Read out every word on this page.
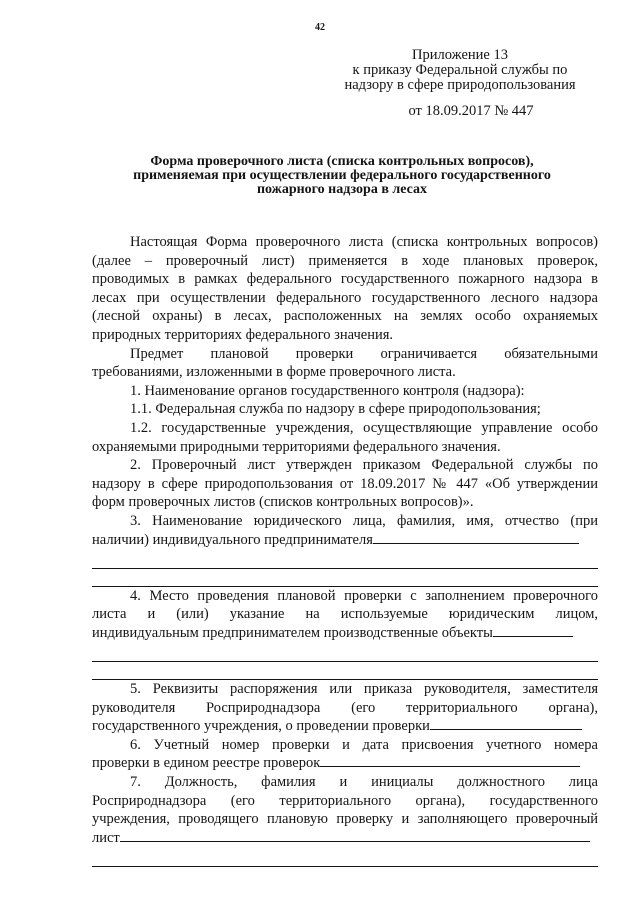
42
Приложение 13
к приказу Федеральной службы по
надзору в сфере природопользования
от 18.09.2017 № 447
Форма проверочного листа (списка контрольных вопросов),
применяемая при осуществлении федерального государственного
пожарного надзора в лесах

Настоящая Форма проверочного листа (списка контрольных вопросов)

(далее – проверочный лист) применяется в ходе плановых проверок,

проводимых в рамках федерального государственного пожарного надзора в

лесах при осуществлении федерального государственного лесного надзора

(лесной охраны) в лесах, расположенных на землях особо охраняемых

природных территориях федерального значения.

Предмет плановой проверки ограничивается обязательными

требованиями, изложенными в форме проверочного листа.

1. Наименование органов государственного контроля (надзора):

1.1. Федеральная служба по надзору в сфере природопользования;

1.2. государственные учреждения, осуществляющие управление особо

охраняемыми природными территориями федерального значения.

2. Проверочный лист утвержден приказом Федеральной службы по

надзору в сфере природопользования от 18.09.2017 № 447 «Об утверждении

форм проверочных листов (списков контрольных вопросов)».

3. Наименование юридического лица, фамилия, имя, отчество (при

наличии) индивидуального предпринимателя

4. Место проведения плановой проверки с заполнением проверочного

листа и (или) указание на используемые юридическим лицом,

индивидуальным предпринимателем производственные объекты

5. Реквизиты распоряжения или приказа руководителя, заместителя

руководителя Росприроднадзора (его территориального органа),

государственного учреждения, о проведении проверки

6. Учетный номер проверки и дата присвоения учетного номера

проверки в едином реестре проверок

7. Должность, фамилия и инициалы должностного лица

Росприроднадзора (его территориального органа), государственного

учреждения, проводящего плановую проверку и заполняющего проверочный

лист
